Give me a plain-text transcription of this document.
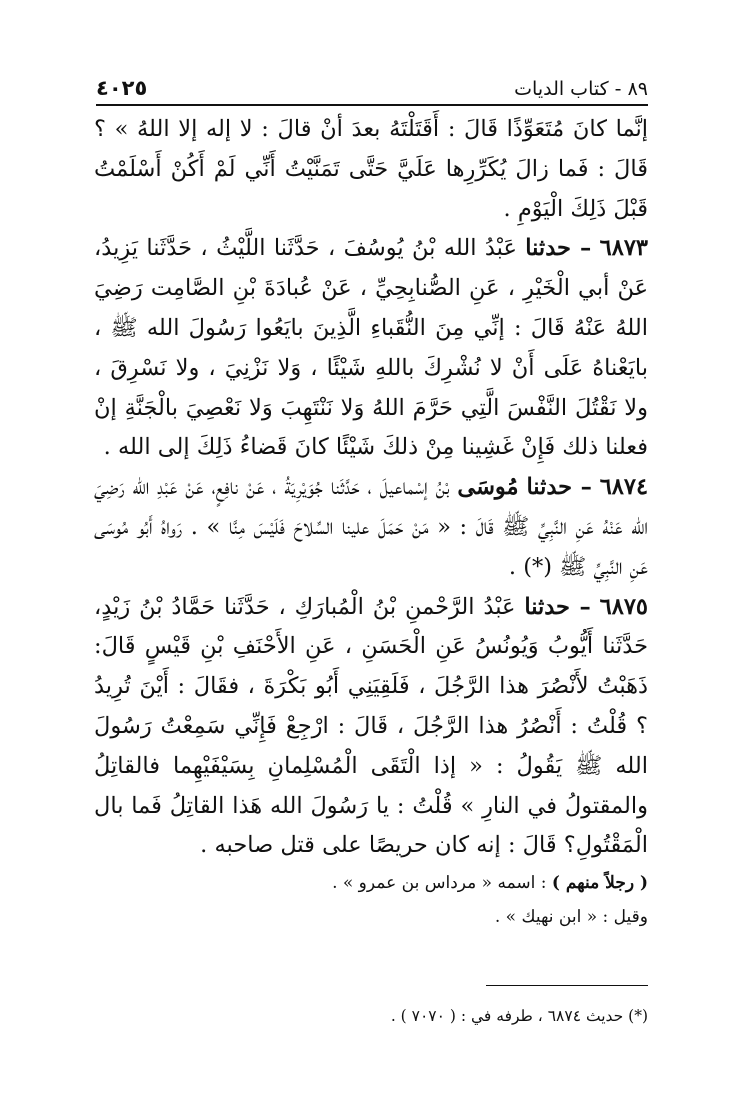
٨٩ - كتاب الديات
٤٠٢٥

إنَّما كانَ مُتَعَوِّذًا قَالَ : أَقَتَلْتَهُ بعدَ أنْ قالَ : لا إله إلا اللهُ » ؟ قَالَ : فَما زالَ يُكَرِّرِها عَلَيَّ حَتَّى تَمَنَّيْتُ أَنِّي لَمْ أَكُنْ أَسْلَمْتُ قَبْلَ ذَلِكَ الْيَوْمِ .

٦٨٧٣ – حدثنا عَبْدُ الله بْنُ يُوسُفَ ، حَدَّثَنا اللَّيْثُ ، حَدَّثَنا يَزِيدُ، عَنْ أبي الْخَيْرِ ، عَنِ الصُّنابِحِيِّ ، عَنْ عُبادَةَ بْنِ الصَّامِت رَضِيَ اللهُ عَنْهُ قَالَ : إنِّي مِنَ النُّقَباءِ الَّذِينَ بايَعُوا رَسُولَ الله ﷺ ، بايَعْناهُ عَلَى أَنْ لا نُشْرِكَ باللهِ شَيْئًا ، وَلا نَزْنِيَ ، ولا نَسْرِقَ ، ولا نَقْتُلَ النَّفْسَ الَّتِي حَرَّمَ اللهُ وَلا نَنْتَهِبَ وَلا نَعْصِيَ بالْجَنَّةِ إنْ فعلنا ذلك فَإِنْ غَشِينا مِنْ ذلكَ شَيْئًا كانَ قَضاءُ ذَلِكَ إلى الله .

٦٨٧٤ – حدثنا مُوسَى بْنُ إسْماعيلَ ، حَدَّثَنا جُوَيْرِيَةُ ، عَنْ نافِعٍ، عَنْ عَبْدِ الله رَضِيَ الله عَنْهُ عَنِ النَّبِيِّ ﷺ قَالَ : « مَنْ حَمَلَ علينا السِّلاحَ فَلَيْسَ مِنَّا » . رَواهُ أَبُو مُوسَى عَنِ النَّبِيِّ ﷺ (*) .

٦٨٧٥ – حدثنا عَبْدُ الرَّحْمنِ بْنُ الْمُبارَكِ ، حَدَّثَنا حَمَّادُ بْنُ زَيْدٍ، حَدَّثَنا أَيُّوبُ وَيُونُسُ عَنِ الْحَسَنِ ، عَنِ الأَحْنَفِ بْنِ قَيْسٍ قَالَ: ذَهَبْتُ لأَنْصُرَ هذا الرَّجُلَ ، فَلَقِيَنِي أَبُو بَكْرَةَ ، فقَالَ : أَيْنَ تُرِيدُ ؟ قُلْتُ : أَنْصُرُ هذا الرَّجُلَ ، قَالَ : ارْجِعْ فَإِنِّي سَمِعْتُ رَسُولَ الله ﷺ يَقُولُ : « إذا الْتَقَى الْمُسْلِمانِ بِسَيْفَيْهِما فالقاتِلُ والمقتولُ في النارِ » قُلْتُ : يا رَسُولَ الله هَذا القاتِلُ فَما بال الْمَقْتُولِ؟ قَالَ : إنه كان حريصًا على قتل صاحبه .

( رجلاً منهم ) : اسمه « مرداس بن عمرو » .

وقيل : « ابن نهيك » .

(*) حديث ٦٨٧٤ ، طرفه في : ( ٧٠٧٠ ) .
